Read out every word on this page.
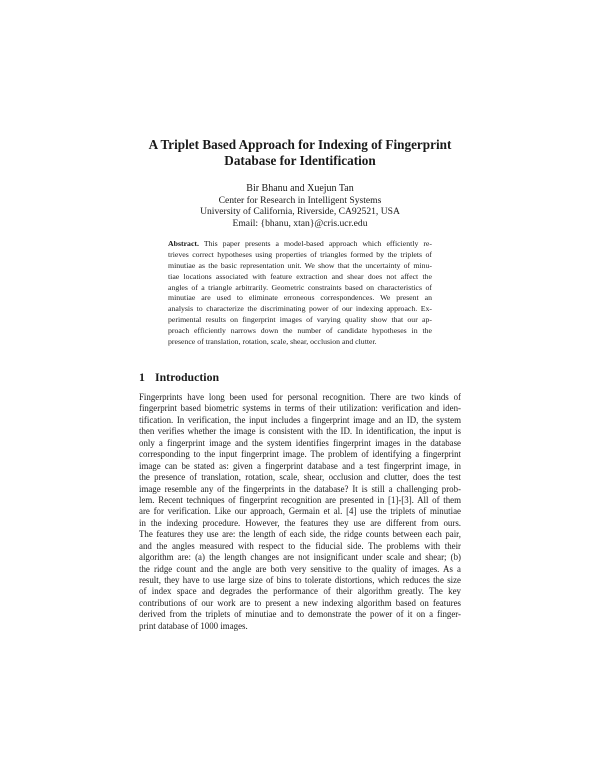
A Triplet Based Approach for Indexing of Fingerprint
Database for Identification
Bir Bhanu and Xuejun Tan
Center for Research in Intelligent Systems
University of California, Riverside, CA92521, USA
Email: {bhanu, xtan}@cris.ucr.edu
Abstract. This paper presents a model-based approach which efficiently re-
trieves correct hypotheses using properties of triangles formed by the triplets of
minutiae as the basic representation unit. We show that the uncertainty of minu-
tiae locations associated with feature extraction and shear does not affect the
angles of a triangle arbitrarily. Geometric constraints based on characteristics of
minutiae are used to eliminate erroneous correspondences. We present an
analysis to characterize the discriminating power of our indexing approach. Ex-
perimental results on fingerprint images of varying quality show that our ap-
proach efficiently narrows down the number of candidate hypotheses in the
presence of translation, rotation, scale, shear, occlusion and clutter.
1 Introduction
Fingerprints have long been used for personal recognition. There are two kinds of
fingerprint based biometric systems in terms of their utilization: verification and iden-
tification. In verification, the input includes a fingerprint image and an ID, the system
then verifies whether the image is consistent with the ID. In identification, the input is
only a fingerprint image and the system identifies fingerprint images in the database
corresponding to the input fingerprint image. The problem of identifying a fingerprint
image can be stated as: given a fingerprint database and a test fingerprint image, in
the presence of translation, rotation, scale, shear, occlusion and clutter, does the test
image resemble any of the fingerprints in the database? It is still a challenging prob-
lem. Recent techniques of fingerprint recognition are presented in [1]-[3]. All of them
are for verification. Like our approach, Germain et al. [4] use the triplets of minutiae
in the indexing procedure. However, the features they use are different from ours.
The features they use are: the length of each side, the ridge counts between each pair,
and the angles measured with respect to the fiducial side. The problems with their
algorithm are: (a) the length changes are not insignificant under scale and shear; (b)
the ridge count and the angle are both very sensitive to the quality of images. As a
result, they have to use large size of bins to tolerate distortions, which reduces the size
of index space and degrades the performance of their algorithm greatly. The key
contributions of our work are to present a new indexing algorithm based on features
derived from the triplets of minutiae and to demonstrate the power of it on a finger-
print database of 1000 images.
